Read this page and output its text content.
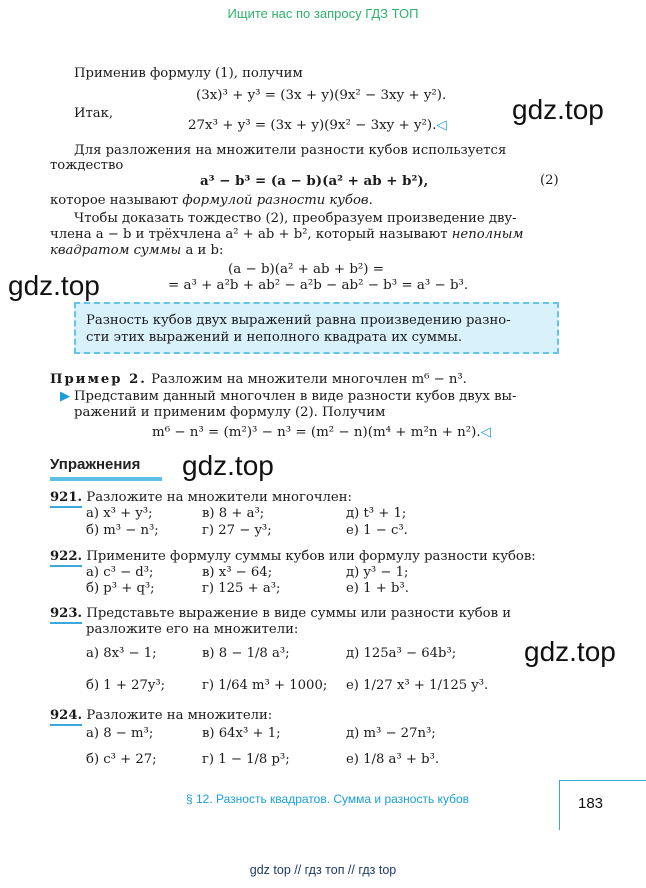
Ищите нас по запросу ГДЗ ТОП
Применив формулу (1), получим
(3x)³ + y³ = (3x + y)(9x² − 3xy + y²).
Итак,
27x³ + y³ = (3x + y)(9x² − 3xy + y²).◁
gdz.top
Для разложения на множители разности кубов используется
тождество
a³ − b³ = (a − b)(a² + ab + b²),	(2)
которое называют формулой разности кубов.
Чтобы доказать тождество (2), преобразуем произведение дву-
члена a − b и трёхчлена a² + ab + b², который называют неполным
квадратом суммы a и b:
(a − b)(a² + ab + b²) =
= a³ + a²b + ab² − a²b − ab² − b³ = a³ − b³.
gdz.top
Разность кубов двух выражений равна произведению разно-
сти этих выражений и неполного квадрата их суммы.
Пример 2. Разложим на множители многочлен m⁶ − n³.
▶ Представим данный многочлен в виде разности кубов двух вы-
ражений и применим формулу (2). Получим
m⁶ − n³ = (m²)³ − n³ = (m² − n)(m⁴ + m²n + n²).◁
Упражнения gdz.top
921. Разложите на множители многочлен:
а) x³ + y³;	в) 8 + a³;	д) t³ + 1;
б) m³ − n³;	г) 27 − y³;	е) 1 − c³.
922. Примените формулу суммы кубов или формулу разности кубов:
а) c³ − d³;	в) x³ − 64;	д) y³ − 1;
б) p³ + q³;	г) 125 + a³;	е) 1 + b³.
923. Представьте выражение в виде суммы или разности кубов и
разложите его на множители:
а) 8x³ − 1;	в) 8 − 1/8 a³;	д) 125a³ − 64b³;
б) 1 + 27y³;	г) 1/64 m³ + 1000; е) 1/27 x³ + 1/125 y³.
gdz.top
924. Разложите на множители:
а) 8 − m³;	в) 64x³ + 1;	д) m³ − 27n³;
б) c³ + 27;	г) 1 − 1/8 p³;	е) 1/8 a³ + b³.
§ 12. Разность квадратов. Сумма и разность кубов	183
gdz top // гдз топ // гдз top
